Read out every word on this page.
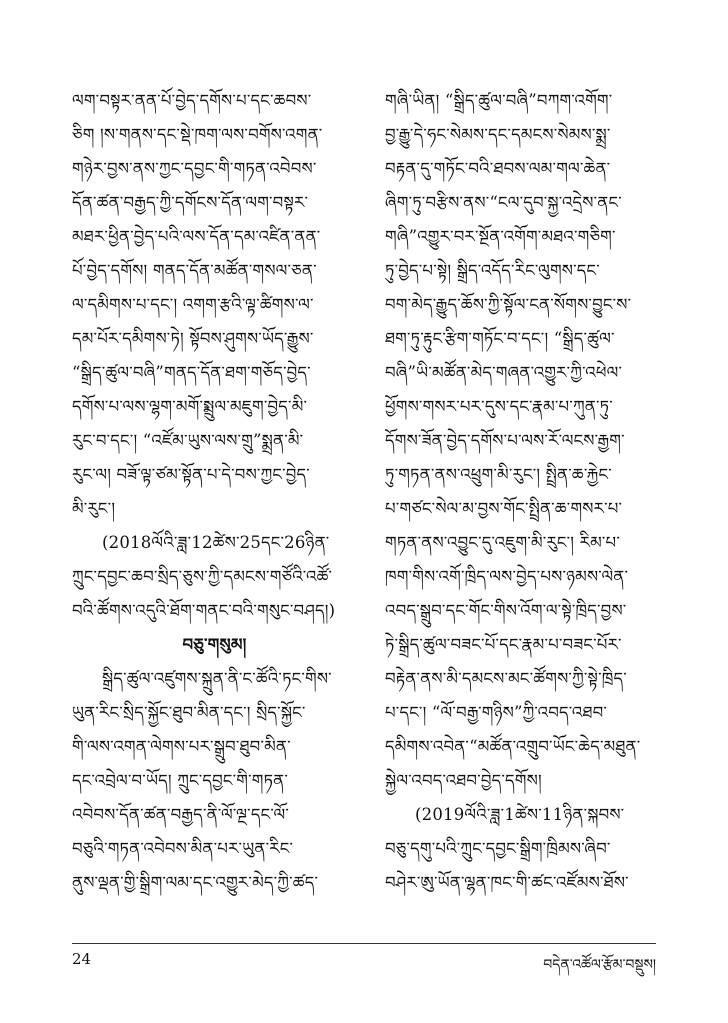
ལག་བསྟར་ནན་པོ་བྱེད་དགོས་པ་དང་ཆབས་
ཅིག །ས་གནས་དང་སྡེ་ཁག་ལས་བགོས་འགན་
གཉེར་བྱས་ནས་ཀྱང་དབྱང་གི་གཏན་འབེབས་
དོན་ཚན་བརྒྱད་ཀྱི་དགོངས་དོན་ལག་བསྟར་
མཐར་ཕྱིན་བྱེད་པའི་ལས་དོན་དམ་འཛིན་ནན་
པོ་བྱེད་དགོས། གནད་དོན་མཚོན་གསལ་ཅན་
ལ་དམིགས་པ་དང་། འགག་རྩའི་ལྟ་ཚིགས་ལ་
དམ་པོར་དམིགས་ཏེ། སྟོབས་ཤུགས་ཡོད་རྒྱུས་
“སྒྲིད་ཚུལ་བཞི”གནད་དོན་ཐག་གཅོད་བྱེད་
དགོས་པ་ལས་ལྷག་མགོ་སྨྲུལ་མཇུག་བྱེད་མི་
རུང་བ་དང་། “འཛོམ་ཡུས་ལས་གྲུ”སྨྲན་མི་
རུང་ལ། བཟོ་ལྟ་ཙམ་སྟོན་པ་དེ་བས་ཀྱང་བྱེད་
མི་རུང་།
(2018ལོའི་ཟླ་12ཚེས་25དང་26ཉིན་
ཀྲུང་དབྱང་ཆབ་སྲིད་ཅུས་ཀྱི་དམངས་གཙོའི་འཚོ་
བའི་ཚོགས་འདུའི་ཐོག་གནང་བའི་གསུང་བཤད།)
བཅུ་གསུམ།
སྒྲིད་ཚུལ་འཛུགས་སྐྲུན་ནི་ང་ཚོའི་ཏང་གིས་
ཡུན་རིང་སྲིད་སྐྱོང་ཐུབ་མིན་དང་། སྲིད་སྐྱོང་
གི་ལས་འགན་ལེགས་པར་སྒྲུབ་ཐུབ་མིན་
དང་འབྲེལ་བ་ཡོད། ཀྲུང་དབྱང་གི་གཏན་
འབེབས་དོན་ཚན་བརྒྱད་ནི་ལོ་ལྔ་དང་ལོ་
བཅུའི་གཏན་འབེབས་མིན་པར་ཡུན་རིང་
ནུས་ལྡན་གྱི་སྒྲིག་ལམ་དང་འགྱུར་མེད་ཀྱི་ཚད་
གཞི་ཡིན། “སྒྲིད་ཚུལ་བཞི”བཀག་འགོག་
བྱ་རྒྱུ་དེ་ཧང་སེམས་དང་དམངས་སེམས་སྨྲ་
བརྟན་དུ་གཏོང་བའི་ཐབས་ལམ་གལ་ཆེན་
ཞིག་ཏུ་བརྩིས་ནས་“ངལ་དུབ་སྐྱ་འདྲེས་ནང་
གཞི”འགྱུར་བར་སྔོན་འགོག་མཐའ་གཅིག་
ཏུ་བྱེད་པ་སྟེ། སྒྲིད་འདོད་རིང་ལུགས་དང་
བག་མེད་རྒྱུད་ཆོས་ཀྱི་སྟོལ་ངན་སོགས་བྱུང་ས་
ཐག་ཏུ་རྟུང་རྩིག་གཏོང་བ་དང་། “སྒྲིད་ཚུལ་
བཞི”ཡི་མཚོན་མེད་གཞན་འགྱུར་ཀྱི་འཕེལ་
ཕྱོགས་གསར་པར་དུས་དང་རྣམ་པ་ཀུན་ཏུ་
དོགས་ཟོན་བྱེད་དགོས་པ་ལས་རོ་ལངས་རྒྱག་
ཏུ་གཏན་ནས་འཕྲུག་མི་རུང་། སྤྲིན་ཆ་རྐྱེང་
པ་གཙང་སེལ་མ་བྱས་གོང་སྤྲིན་ཆ་གསར་པ་
གཏན་ནས་འབྱུང་དུ་འཇུག་མི་རུང་། རིམ་པ་
ཁག་གིས་འགོ་ཁྲིད་ལས་བྱེད་པས་ཉམས་ལེན་
འབད་སྒྲུབ་དང་གོང་གིས་འོག་ལ་སྟེ་ཁྲིད་བྱས་
ཏེ་སྒྲིད་ཚུལ་བཟང་པོ་དང་རྣམ་པ་བཟང་པོར་
བརྟེན་ནས་མི་དམངས་མང་ཚོགས་ཀྱི་སྟེ་ཁྲིད་
པ་དང་། “ལོ་བརྒྱ་གཉིས”ཀྱི་འབད་འཐབ་
དམིགས་འབེན་“མཚོན་འགྲུབ་ཡོང་ཆེད་མཐུན་
སྐྱེལ་འབད་འཐབ་བྱེད་དགོས།
(2019ལོའི་ཟླ་1ཚེས་11ཉིན་སྐབས་
བཅུ་དགུ་པའི་ཀྲུང་དབྱང་སྒྲིག་ཁྲིམས་ཞིབ་
བཤེར་ཨུ་ཡོན་ལྷན་ཁང་གི་ཚང་འཛོམས་ཐོས་
24	བདེན་འཚོལ་རྩོམ་བསྡུས།
